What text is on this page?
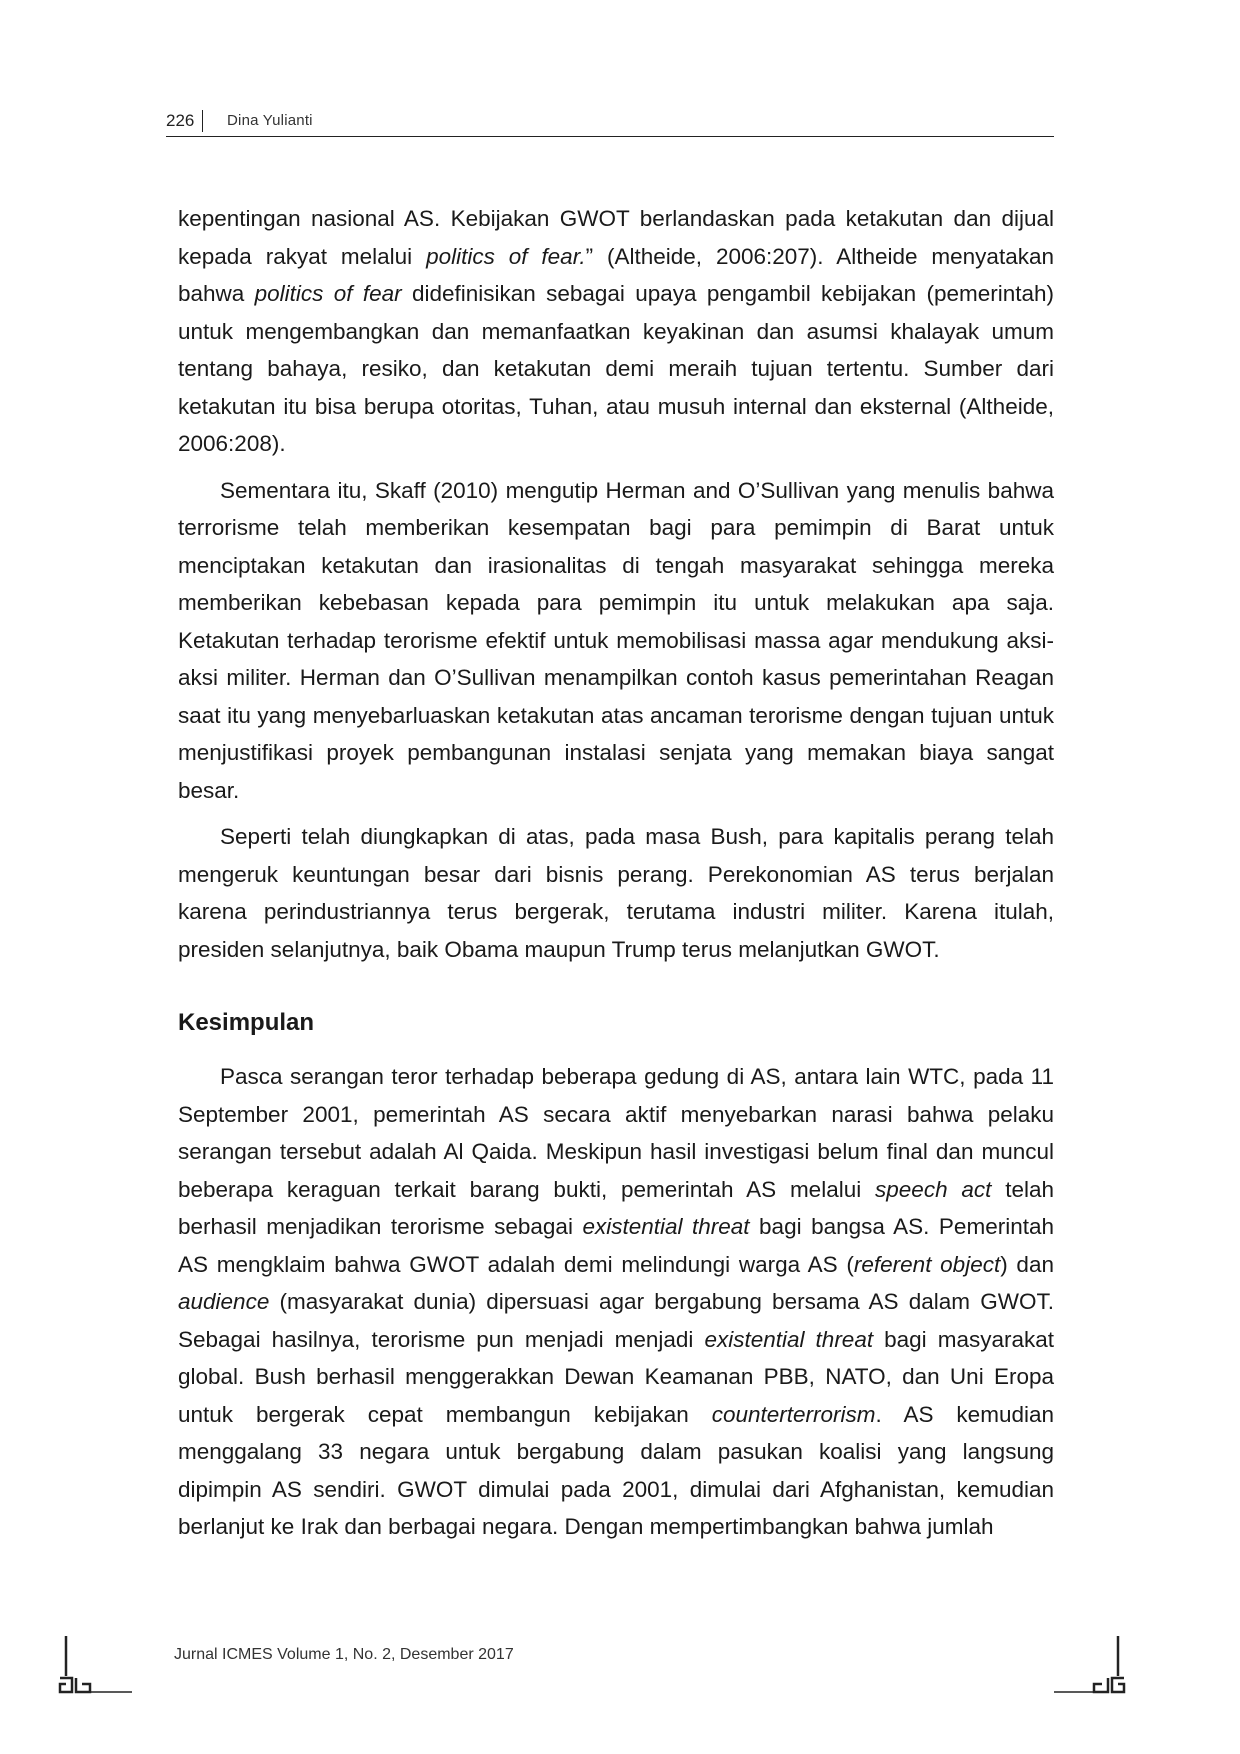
226	Dina Yulianti

kepentingan nasional AS. Kebijakan GWOT berlandaskan pada ketakutan dan dijual kepada rakyat melalui politics of fear.” (Altheide, 2006:207). Altheide menyatakan bahwa politics of fear didefinisikan sebagai upaya pengambil kebijakan (pemerintah) untuk mengembangkan dan memanfaatkan keyakinan dan asumsi khalayak umum tentang bahaya, resiko, dan ketakutan demi meraih tujuan tertentu. Sumber dari ketakutan itu bisa berupa otoritas, Tuhan, atau musuh internal dan eksternal (Altheide, 2006:208).

Sementara itu, Skaff (2010) mengutip Herman and O’Sullivan yang menulis bahwa terrorisme telah memberikan kesempatan bagi para pemimpin di Barat untuk menciptakan ketakutan dan irasionalitas di tengah masyarakat sehingga mereka memberikan kebebasan kepada para pemimpin itu untuk melakukan apa saja. Ketakutan terhadap terorisme efektif untuk memobilisasi massa agar mendukung aksi-aksi militer. Herman dan O’Sullivan menampilkan contoh kasus pemerintahan Reagan saat itu yang menyebarluaskan ketakutan atas ancaman terorisme dengan tujuan untuk menjustifikasi proyek pembangunan instalasi senjata yang memakan biaya sangat besar.

Seperti telah diungkapkan di atas, pada masa Bush, para kapitalis perang telah mengeruk keuntungan besar dari bisnis perang. Perekonomian AS terus berjalan karena perindustriannya terus bergerak, terutama industri militer. Karena itulah, presiden selanjutnya, baik Obama maupun Trump terus melanjutkan GWOT.

Kesimpulan

Pasca serangan teror terhadap beberapa gedung di AS, antara lain WTC, pada 11 September 2001, pemerintah AS secara aktif menyebarkan narasi bahwa pelaku serangan tersebut adalah Al Qaida. Meskipun hasil investigasi belum final dan muncul beberapa keraguan terkait barang bukti, pemerintah AS melalui speech act telah berhasil menjadikan terorisme sebagai existential threat bagi bangsa AS. Pemerintah AS mengklaim bahwa GWOT adalah demi melindungi warga AS (referent object) dan audience (masyarakat dunia) dipersuasi agar bergabung bersama AS dalam GWOT. Sebagai hasilnya, terorisme pun menjadi menjadi existential threat bagi masyarakat global. Bush berhasil menggerakkan Dewan Keamanan PBB, NATO, dan Uni Eropa untuk bergerak cepat membangun kebijakan counterterrorism. AS kemudian menggalang 33 negara untuk bergabung dalam pasukan koalisi yang langsung dipimpin AS sendiri. GWOT dimulai pada 2001, dimulai dari Afghanistan, kemudian berlanjut ke Irak dan berbagai negara. Dengan mempertimbangkan bahwa jumlah

Jurnal ICMES Volume 1, No. 2, Desember 2017
